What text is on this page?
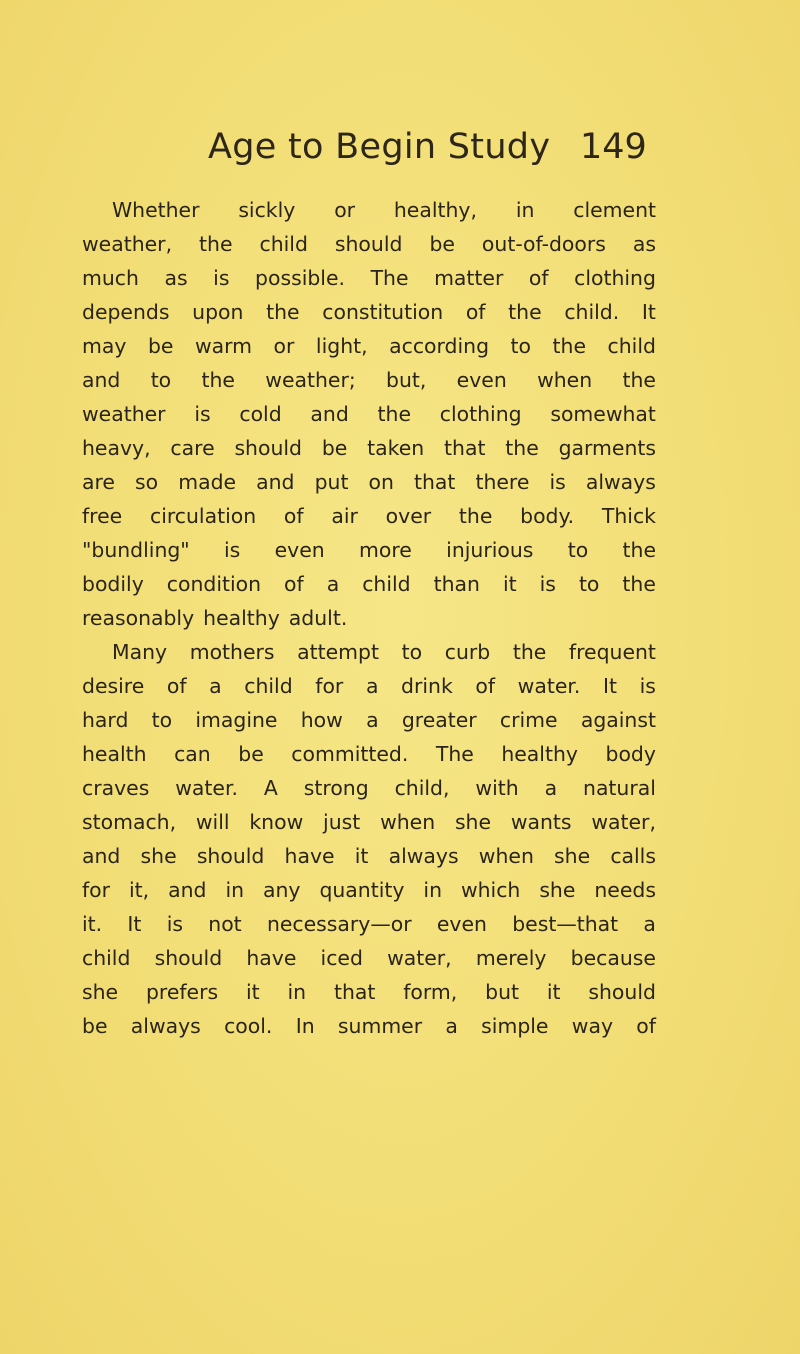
Age to Begin Study 149
Whether sickly or healthy, in clement
weather, the child should be out-of-doors as
much as is possible. The matter of clothing
depends upon the constitution of the child. It
may be warm or light, according to the child
and to the weather; but, even when the
weather is cold and the clothing somewhat
heavy, care should be taken that the garments
are so made and put on that there is always
free circulation of air over the body. Thick
"bundling" is even more injurious to the
bodily condition of a child than it is to the
reasonably healthy adult.
Many mothers attempt to curb the frequent
desire of a child for a drink of water. It is
hard to imagine how a greater crime against
health can be committed. The healthy body
craves water. A strong child, with a natural
stomach, will know just when she wants water,
and she should have it always when she calls
for it, and in any quantity in which she needs
it. It is not necessary—or even best—that a
child should have iced water, merely because
she prefers it in that form, but it should
be always cool. In summer a simple way of
